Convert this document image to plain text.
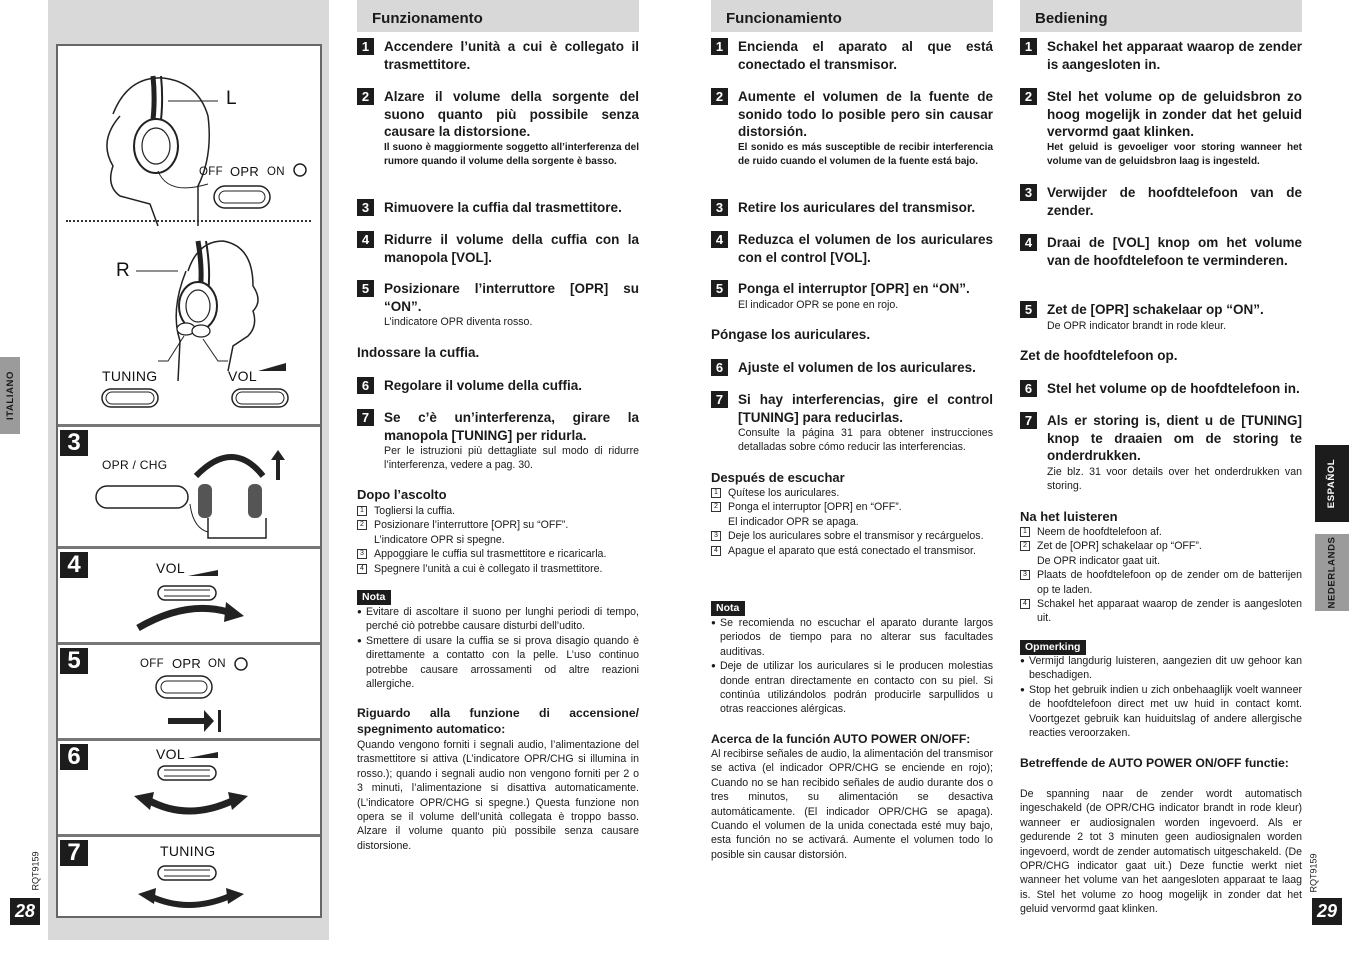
L
OFF OPR ON
R
TUNING	VOL
3
OPR / CHG
4	VOL
5	OFF OPR ON
6	VOL
7	TUNING
ITALIANO
RQT9159
28
ESPAÑOL
NEDERLANDS
RQT9159
29
Funzionamento
1	Accendere l’unità a cui è collegato il trasmettitore.
2	Alzare il volume della sorgente del suono quanto più possibile senza causare la distorsione.
Il suono è maggiormente soggetto all’interferenza del rumore quando il volume della sorgente è basso.
3	Rimuovere la cuffia dal trasmettitore.
4	Ridurre il volume della cuffia con la manopola [VOL].
5	Posizionare l’interruttore [OPR] su “ON”.
L’indicatore OPR diventa rosso.
Indossare la cuffia.
6	Regolare il volume della cuffia.
7	Se c’è un’interferenza, girare la manopola [TUNING] per ridurla.
Per le istruzioni più dettagliate sul modo di ridurre l’interferenza, vedere a pag. 30.
Dopo l’ascolto
1 Togliersi la cuffia.
2 Posizionare l’interruttore [OPR] su “OFF”.
L’indicatore OPR si spegne.
3 Appoggiare le cuffia sul trasmettitore e ricaricarla.
4 Spegnere l’unità a cui è collegato il trasmettitore.
Nota
● Evitare di ascoltare il suono per lunghi periodi di tempo, perché ciò potrebbe causare disturbi dell’udito.
● Smettere di usare la cuffia se si prova disagio quando è direttamente a contatto con la pelle. L’uso continuo potrebbe causare arrossamenti od altre reazioni allergiche.
Riguardo alla funzione di accensione/ spegnimento automatico:
Quando vengono forniti i segnali audio, l’alimentazione del trasmettitore si attiva (L’indicatore OPR/CHG si illumina in rosso.); quando i segnali audio non vengono forniti per 2 o 3 minuti, l’alimentazione si disattiva automaticamente. (L’indicatore OPR/CHG si spegne.) Questa funzione non opera se il volume dell’unità collegata è troppo basso. Alzare il volume quanto più possibile senza causare distorsione.
Funcionamiento
1	Encienda el aparato al que está conectado el transmisor.
2	Aumente el volumen de la fuente de sonido todo lo posible pero sin causar distorsión.
El sonido es más susceptible de recibir interferencia de ruido cuando el volumen de la fuente está bajo.
3	Retire los auriculares del transmisor.
4	Reduzca el volumen de los auriculares con el control [VOL].
5	Ponga el interruptor [OPR] en “ON”.
El indicador OPR se pone en rojo.
Póngase los auriculares.
6	Ajuste el volumen de los auriculares.
7	Si hay interferencias, gire el control [TUNING] para reducirlas.
Consulte la página 31 para obtener instrucciones detalladas sobre cómo reducir las interferencias.
Después de escuchar
1 Quítese los auriculares.
2 Ponga el interruptor [OPR] en “OFF”.
El indicador OPR se apaga.
3 Deje los auriculares sobre el transmisor y recárguelos.
4 Apague el aparato que está conectado el transmisor.
Nota
● Se recomienda no escuchar el aparato durante largos periodos de tiempo para no alterar sus facultades auditivas.
● Deje de utilizar los auriculares si le producen molestias donde entran directamente en contacto con su piel. Si continúa utilizándolos podrán producirle sarpullidos u otras reacciones alérgicas.
Acerca de la función AUTO POWER ON/OFF:
Al recibirse señales de audio, la alimentación del transmisor se activa (el indicador OPR/CHG se enciende en rojo); Cuando no se han recibido señales de audio durante dos o tres minutos, su alimentación se desactiva automáticamente. (El indicador OPR/CHG se apaga). Cuando el volumen de la unida conectada esté muy bajo, esta función no se activará. Aumente el volumen todo lo posible sin causar distorsión.
Bediening
1	Schakel het apparaat waarop de zender is aangesloten in.
2	Stel het volume op de geluidsbron zo hoog mogelijk in zonder dat het geluid vervormd gaat klinken.
Het geluid is gevoeliger voor storing wanneer het volume van de geluidsbron laag is ingesteld.
3	Verwijder de hoofdtelefoon van de zender.
4	Draai de [VOL] knop om het volume van de hoofdtelefoon te verminderen.
5	Zet de [OPR] schakelaar op “ON”.
De OPR indicator brandt in rode kleur.
Zet de hoofdtelefoon op.
6	Stel het volume op de hoofdtelefoon in.
7	Als er storing is, dient u de [TUNING] knop te draaien om de storing te onderdrukken.
Zie blz. 31 voor details over het onderdrukken van storing.
Na het luisteren
1 Neem de hoofdtelefoon af.
2 Zet de [OPR] schakelaar op “OFF”.
De OPR indicator gaat uit.
3 Plaats de hoofdtelefoon op de zender om de batterijen op te laden.
4 Schakel het apparaat waarop de zender is aangesloten uit.
Opmerking
● Vermijd langdurig luisteren, aangezien dit uw gehoor kan beschadigen.
● Stop het gebruik indien u zich onbehaaglijk voelt wanneer de hoofdtelefoon direct met uw huid in contact komt. Voortgezet gebruik kan huiduitslag of andere allergische reacties veroorzaken.
Betreffende de AUTO POWER ON/OFF functie:
De spanning naar de zender wordt automatisch ingeschakeld (de OPR/CHG indicator brandt in rode kleur) wanneer er audiosignalen worden ingevoerd. Als er gedurende 2 tot 3 minuten geen audiosignalen worden ingevoerd, wordt de zender automatisch uitgeschakeld. (De OPR/CHG indicator gaat uit.) Deze functie werkt niet wanneer het volume van het aangesloten apparaat te laag is. Stel het volume zo hoog mogelijk in zonder dat het geluid vervormd gaat klinken.
